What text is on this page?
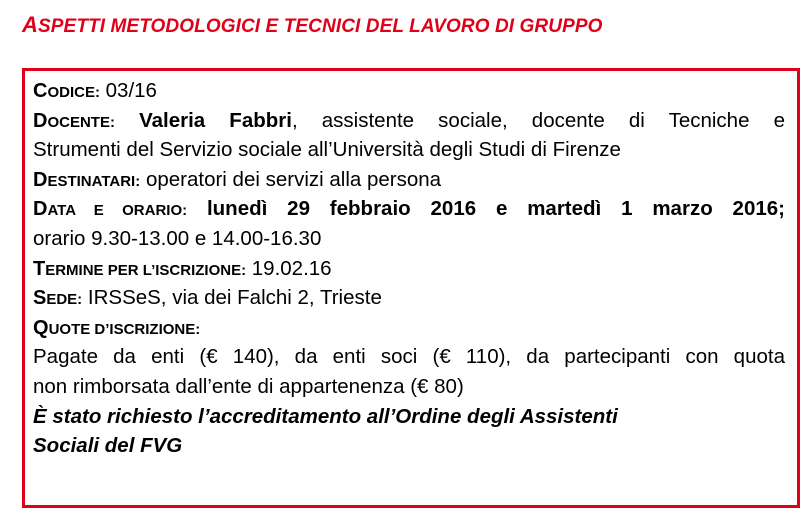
ASPETTI METODOLOGICI E TECNICI DEL LAVORO DI GRUPPO
CODICE: 03/16
DOCENTE: Valeria Fabbri, assistente sociale, docente di Tecniche e
Strumenti del Servizio sociale all’Università degli Studi di Firenze
DESTINATARI: operatori dei servizi alla persona
DATA E ORARIO: lunedì 29 febbraio 2016 e martedì 1 marzo 2016;
orario 9.30-13.00 e 14.00-16.30
TERMINE PER L’ISCRIZIONE: 19.02.16
SEDE: IRSSeS, via dei Falchi 2, Trieste
QUOTE D’ISCRIZIONE:
Pagate da enti (€ 140), da enti soci (€ 110), da partecipanti con quota
non rimborsata dall’ente di appartenenza (€ 80)
È stato richiesto l’accreditamento all’Ordine degli Assistenti
Sociali del FVG
